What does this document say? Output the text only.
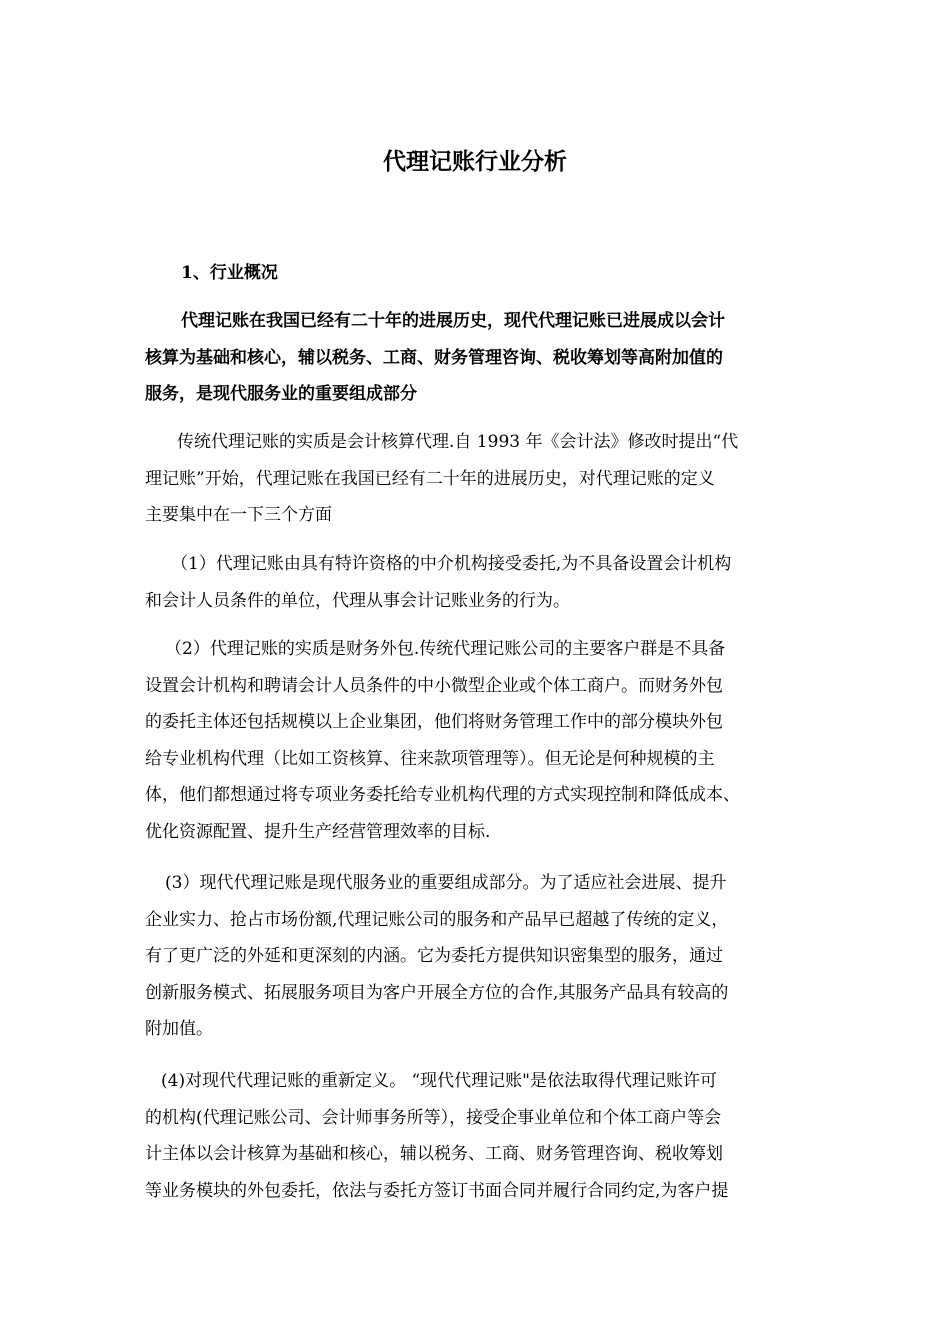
代理记账行业分析
1、行业概况

代理记账在我国已经有二十年的进展历史，现代代理记账已进展成以会计
核算为基础和核心，辅以税务、工商、财务管理咨询、税收筹划等高附加值的
服务，是现代服务业的重要组成部分

传统代理记账的实质是会计核算代理.自 1993 年《会计法》修改时提出“代
理记账”开始，代理记账在我国已经有二十年的进展历史，对代理记账的定义
主要集中在一下三个方面

（1）代理记账由具有特许资格的中介机构接受委托,为不具备设置会计机构
和会计人员条件的单位，代理从事会计记账业务的行为。

（2）代理记账的实质是财务外包.传统代理记账公司的主要客户群是不具备
设置会计机构和聘请会计人员条件的中小微型企业或个体工商户。而财务外包
的委托主体还包括规模以上企业集团，他们将财务管理工作中的部分模块外包
给专业机构代理（比如工资核算、往来款项管理等）。但无论是何种规模的主
体，他们都想通过将专项业务委托给专业机构代理的方式实现控制和降低成本、
优化资源配置、提升生产经营管理效率的目标.

(3）现代代理记账是现代服务业的重要组成部分。为了适应社会进展、提升
企业实力、抢占市场份额,代理记账公司的服务和产品早已超越了传统的定义，
有了更广泛的外延和更深刻的内涵。它为委托方提供知识密集型的服务，通过
创新服务模式、拓展服务项目为客户开展全方位的合作,其服务产品具有较高的
附加值。

(4)对现代代理记账的重新定义。 “现代代理记账"是依法取得代理记账许可
的机构(代理记账公司、会计师事务所等），接受企事业单位和个体工商户等会
计主体以会计核算为基础和核心，辅以税务、工商、财务管理咨询、税收筹划
等业务模块的外包委托，依法与委托方签订书面合同并履行合同约定,为客户提
